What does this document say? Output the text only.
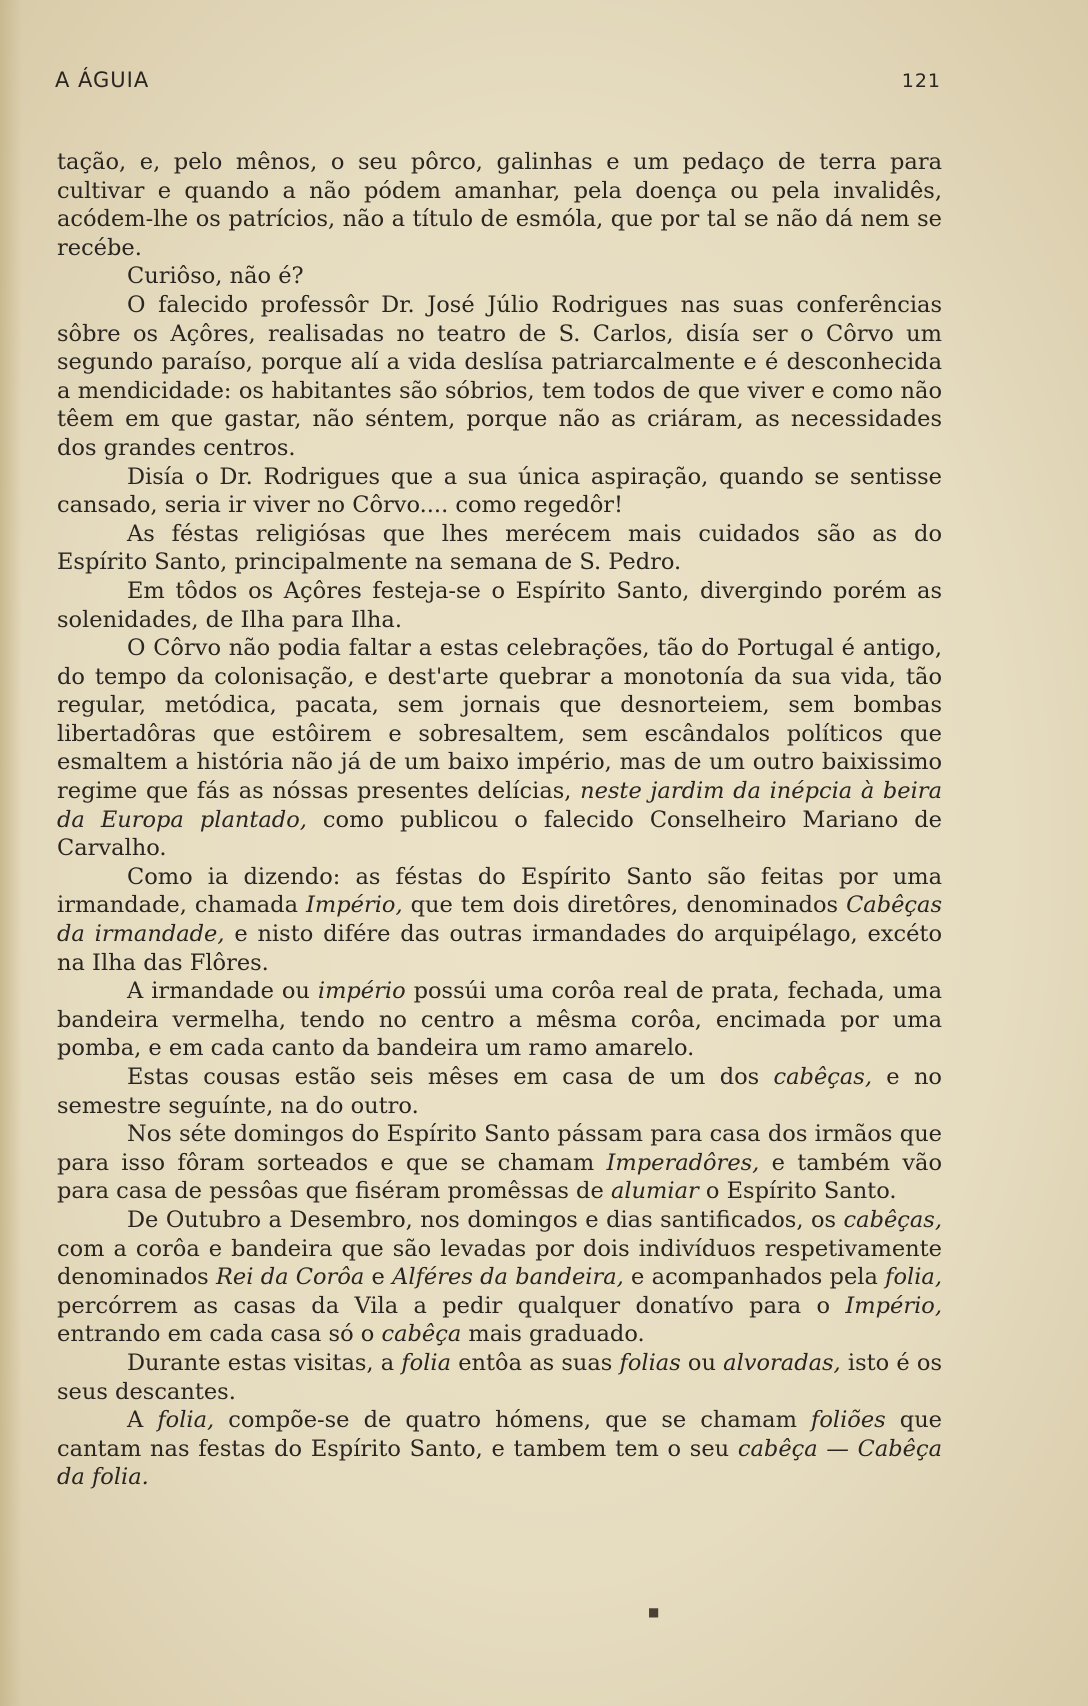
A ÁGUIA	121

tação, e, pelo mênos, o seu pôrco, galinhas e um pedaço de terra para cultivar e quando a não pódem amanhar, pela doença ou pela invalidês, acódem-lhe os patrícios, não a título de esmóla, que por tal se não dá nem se recébe.

Curiôso, não é?

O falecido professôr Dr. José Júlio Rodrigues nas suas conferências sôbre os Açôres, realisadas no teatro de S. Carlos, disía ser o Côrvo um segundo paraíso, porque alí a vida deslísa patriarcalmente e é desconhecida a mendicidade: os habitantes são sóbrios, tem todos de que viver e como não têem em que gastar, não séntem, porque não as criáram, as necessidades dos grandes centros.

Disía o Dr. Rodrigues que a sua única aspiração, quando se sentisse cansado, seria ir viver no Côrvo.... como regedôr!

As féstas religiósas que lhes merécem mais cuidados são as do Espírito Santo, principalmente na semana de S. Pedro.

Em tôdos os Açôres festeja-se o Espírito Santo, divergindo porém as solenidades, de Ilha para Ilha.

O Côrvo não podia faltar a estas celebrações, tão do Portugal é antigo, do tempo da colonisação, e dest'arte quebrar a monotonía da sua vida, tão regular, metódica, pacata, sem jornais que desnorteiem, sem bombas libertadôras que estôirem e sobresaltem, sem escândalos políticos que esmaltem a história não já de um baixo império, mas de um outro baixissimo regime que fás as nóssas presentes delícias, neste jardim da inépcia à beira da Europa plantado, como publicou o falecido Conselheiro Mariano de Carvalho.

Como ia dizendo: as féstas do Espírito Santo são feitas por uma irmandade, chamada Império, que tem dois diretôres, denominados Cabêças da irmandade, e nisto difére das outras irmandades do arquipélago, excéto na Ilha das Flôres.

A irmandade ou império possúi uma corôa real de prata, fechada, uma bandeira vermelha, tendo no centro a mêsma corôa, encimada por uma pomba, e em cada canto da bandeira um ramo amarelo.

Estas cousas estão seis mêses em casa de um dos cabêças, e no semestre seguínte, na do outro.

Nos séte domingos do Espírito Santo pássam para casa dos irmãos que para isso fôram sorteados e que se chamam Imperadôres, e também vão para casa de pessôas que fiséram promêssas de alumiar o Espírito Santo.

De Outubro a Desembro, nos domingos e dias santificados, os cabêças, com a corôa e bandeira que são levadas por dois indivíduos respetivamente denominados Rei da Corôa e Alféres da bandeira, e acompanhados pela folia, percórrem as casas da Vila a pedir qualquer donatívo para o Império, entrando em cada casa só o cabêça mais graduado.

Durante estas visitas, a folia entôa as suas folias ou alvoradas, isto é os seus descantes.

A folia, compõe-se de quatro hómens, que se chamam foliões que cantam nas festas do Espírito Santo, e tambem tem o seu cabêça — Cabêça da folia.

■
